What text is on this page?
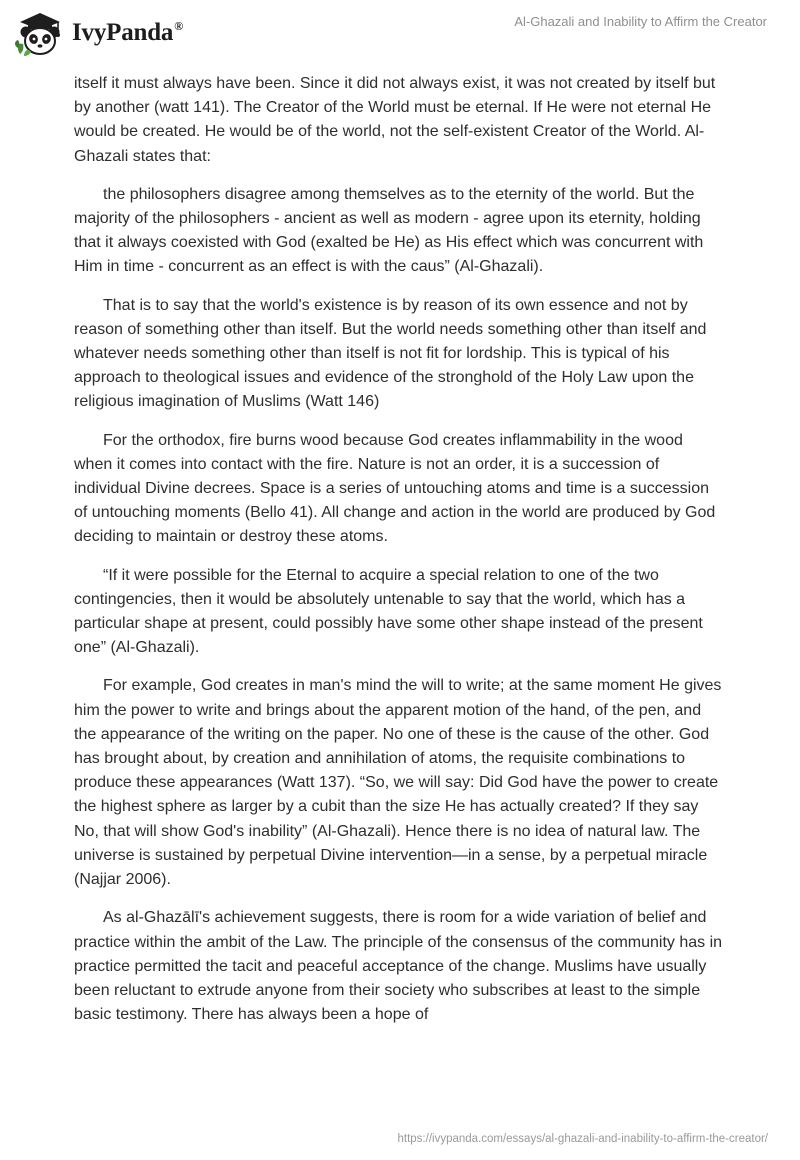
IvyPanda®	Al-Ghazali and Inability to Affirm the Creator

itself it must always have been. Since it did not always exist, it was not created by itself but by another (watt 141). The Creator of the World must be eternal. If He were not eternal He would be created. He would be of the world, not the self-existent Creator of the World. Al-Ghazali states that:

the philosophers disagree among themselves as to the eternity of the world. But the majority of the philosophers - ancient as well as modern - agree upon its eternity, holding that it always coexisted with God (exalted be He) as His effect which was concurrent with Him in time - concurrent as an effect is with the caus” (Al-Ghazali).

That is to say that the world's existence is by reason of its own essence and not by reason of something other than itself. But the world needs something other than itself and whatever needs something other than itself is not fit for lordship. This is typical of his approach to theological issues and evidence of the stronghold of the Holy Law upon the religious imagination of Muslims (Watt 146)

For the orthodox, fire burns wood because God creates inflammability in the wood when it comes into contact with the fire. Nature is not an order, it is a succession of individual Divine decrees. Space is a series of untouching atoms and time is a succession of untouching moments (Bello 41). All change and action in the world are produced by God deciding to maintain or destroy these atoms.

“If it were possible for the Eternal to acquire a special relation to one of the two contingencies, then it would be absolutely untenable to say that the world, which has a particular shape at present, could possibly have some other shape instead of the present one” (Al-Ghazali).

For example, God creates in man's mind the will to write; at the same moment He gives him the power to write and brings about the apparent motion of the hand, of the pen, and the appearance of the writing on the paper. No one of these is the cause of the other. God has brought about, by creation and annihilation of atoms, the requisite combinations to produce these appearances (Watt 137). “So, we will say: Did God have the power to create the highest sphere as larger by a cubit than the size He has actually created? If they say No, that will show God's inability” (Al-Ghazali). Hence there is no idea of natural law. The universe is sustained by perpetual Divine intervention—in a sense, by a perpetual miracle (Najjar 2006).

As al-Ghazālī's achievement suggests, there is room for a wide variation of belief and practice within the ambit of the Law. The principle of the consensus of the community has in practice permitted the tacit and peaceful acceptance of the change. Muslims have usually been reluctant to extrude anyone from their society who subscribes at least to the simple basic testimony. There has always been a hope of

https://ivypanda.com/essays/al-ghazali-and-inability-to-affirm-the-creator/
